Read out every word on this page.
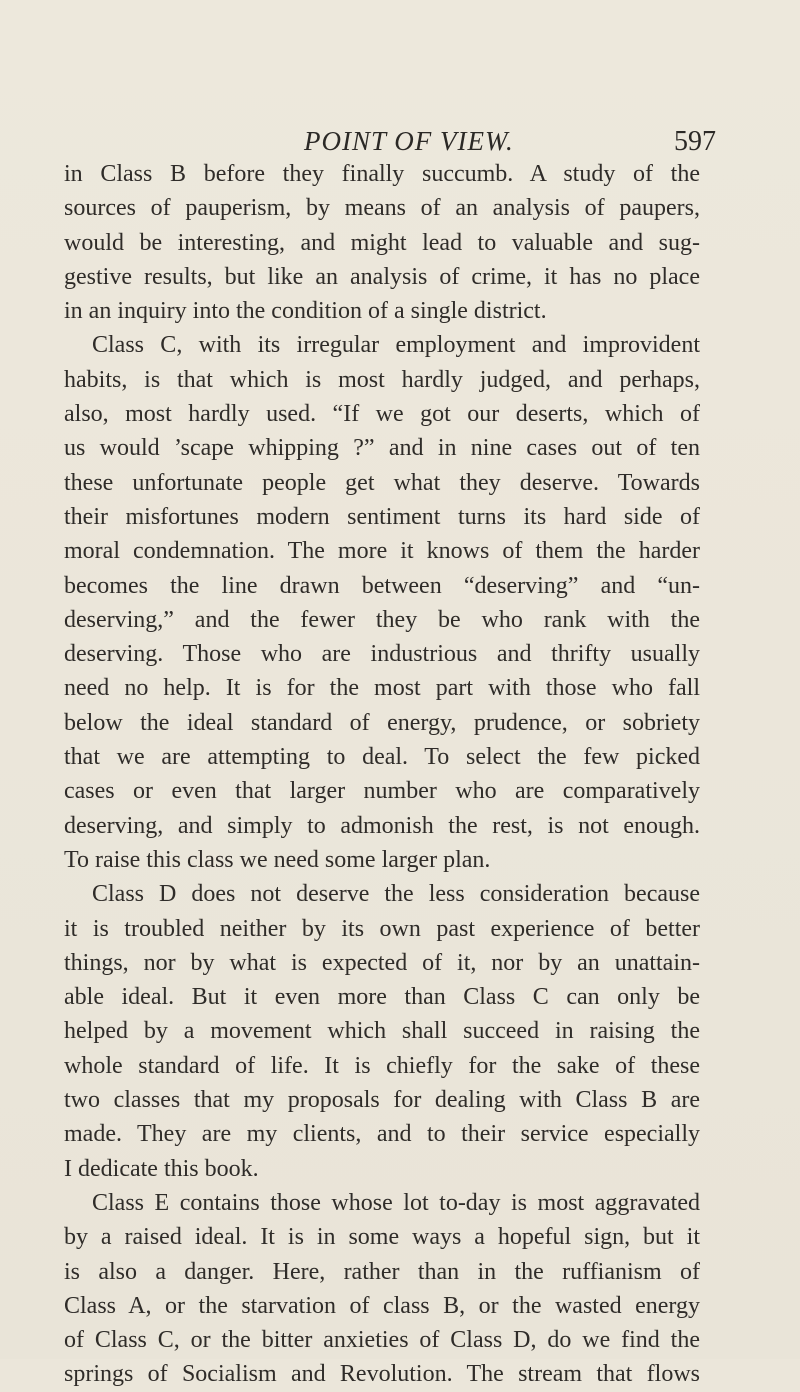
POINT OF VIEW.	597

in Class B before they finally succumb. A study of the

sources of pauperism, by means of an analysis of paupers,

would be interesting, and might lead to valuable and sug-

gestive results, but like an analysis of crime, it has no place

in an inquiry into the condition of a single district.

Class C, with its irregular employment and improvident

habits, is that which is most hardly judged, and perhaps,

also, most hardly used. “If we got our deserts, which of

us would ’scape whipping ?” and in nine cases out of ten

these unfortunate people get what they deserve. Towards

their misfortunes modern sentiment turns its hard side of

moral condemnation. The more it knows of them the harder

becomes the line drawn between “deserving” and “un-

deserving,” and the fewer they be who rank with the

deserving. Those who are industrious and thrifty usually

need no help. It is for the most part with those who fall

below the ideal standard of energy, prudence, or sobriety

that we are attempting to deal. To select the few picked

cases or even that larger number who are comparatively

deserving, and simply to admonish the rest, is not enough.

To raise this class we need some larger plan.

Class D does not deserve the less consideration because

it is troubled neither by its own past experience of better

things, nor by what is expected of it, nor by an unattain-

able ideal. But it even more than Class C can only be

helped by a movement which shall succeed in raising the

whole standard of life. It is chiefly for the sake of these

two classes that my proposals for dealing with Class B are

made. They are my clients, and to their service especially

I dedicate this book.

Class E contains those whose lot to-day is most aggravated

by a raised ideal. It is in some ways a hopeful sign, but it

is also a danger. Here, rather than in the ruffianism of

Class A, or the starvation of class B, or the wasted energy

of Class C, or the bitter anxieties of Class D, do we find the

springs of Socialism and Revolution. The stream that flows
